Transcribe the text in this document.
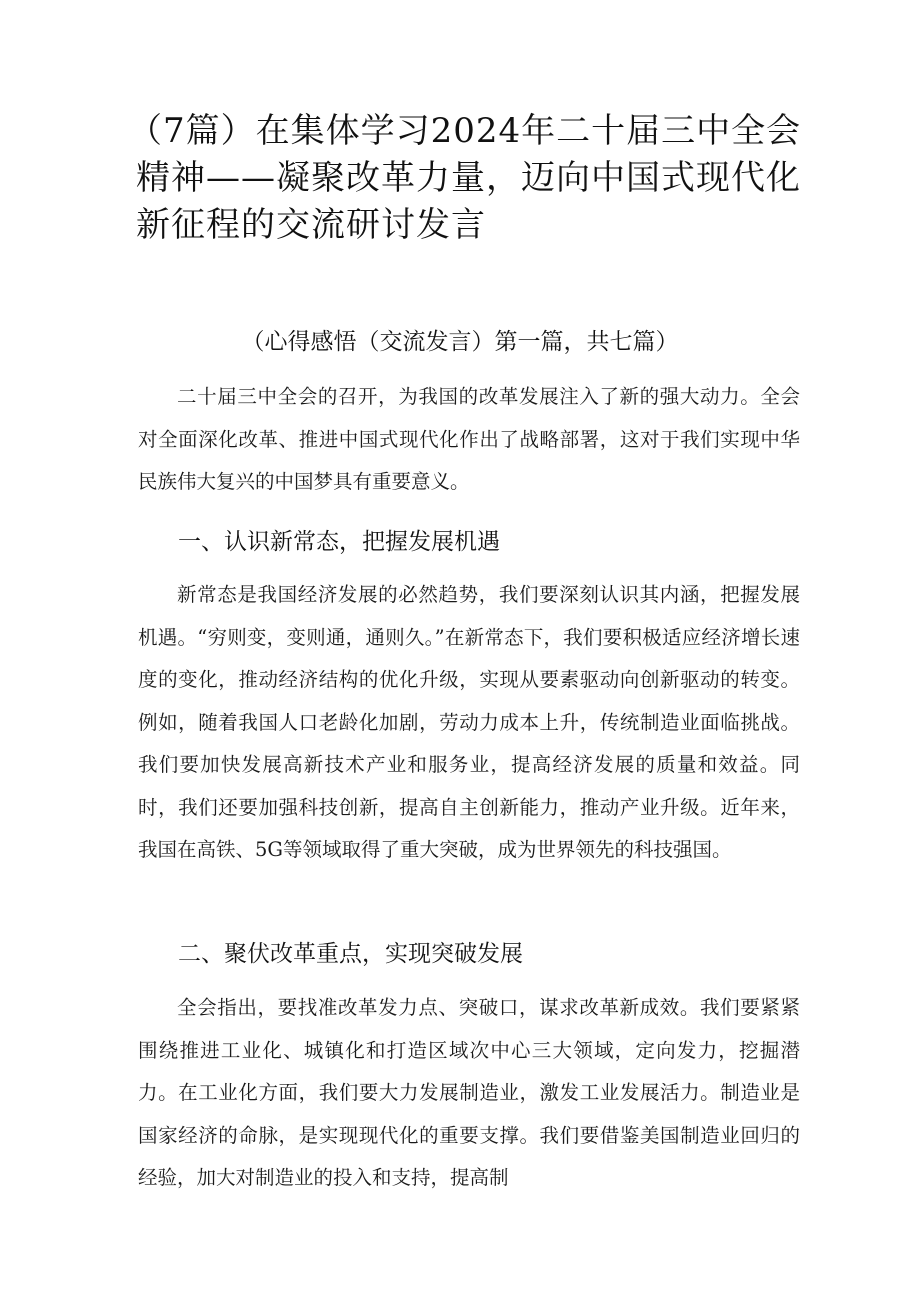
（7篇）在集体学习2024年二十届三中全会精神——凝聚改革力量，迈向中国式现代化新征程的交流研讨发言
（心得感悟（交流发言）第一篇，共七篇）

二十届三中全会的召开，为我国的改革发展注入了新的强大动力。全会对全面深化改革、推进中国式现代化作出了战略部署，这对于我们实现中华民族伟大复兴的中国梦具有重要意义。

一、认识新常态，把握发展机遇

新常态是我国经济发展的必然趋势，我们要深刻认识其内涵，把握发展机遇。“穷则变，变则通，通则久。”在新常态下，我们要积极适应经济增长速度的变化，推动经济结构的优化升级，实现从要素驱动向创新驱动的转变。例如，随着我国人口老龄化加剧，劳动力成本上升，传统制造业面临挑战。我们要加快发展高新技术产业和服务业，提高经济发展的质量和效益。同时，我们还要加强科技创新，提高自主创新能力，推动产业升级。近年来，我国在高铁、5G等领域取得了重大突破，成为世界领先的科技强国。

二、聚伏改革重点，实现突破发展

全会指出，要找准改革发力点、突破口，谋求改革新成效。我们要紧紧围绕推进工业化、城镇化和打造区域次中心三大领域，定向发力，挖掘潜力。在工业化方面，我们要大力发展制造业，激发工业发展活力。制造业是国家经济的命脉，是实现现代化的重要支撑。我们要借鉴美国制造业回归的经验，加大对制造业的投入和支持，提高制
